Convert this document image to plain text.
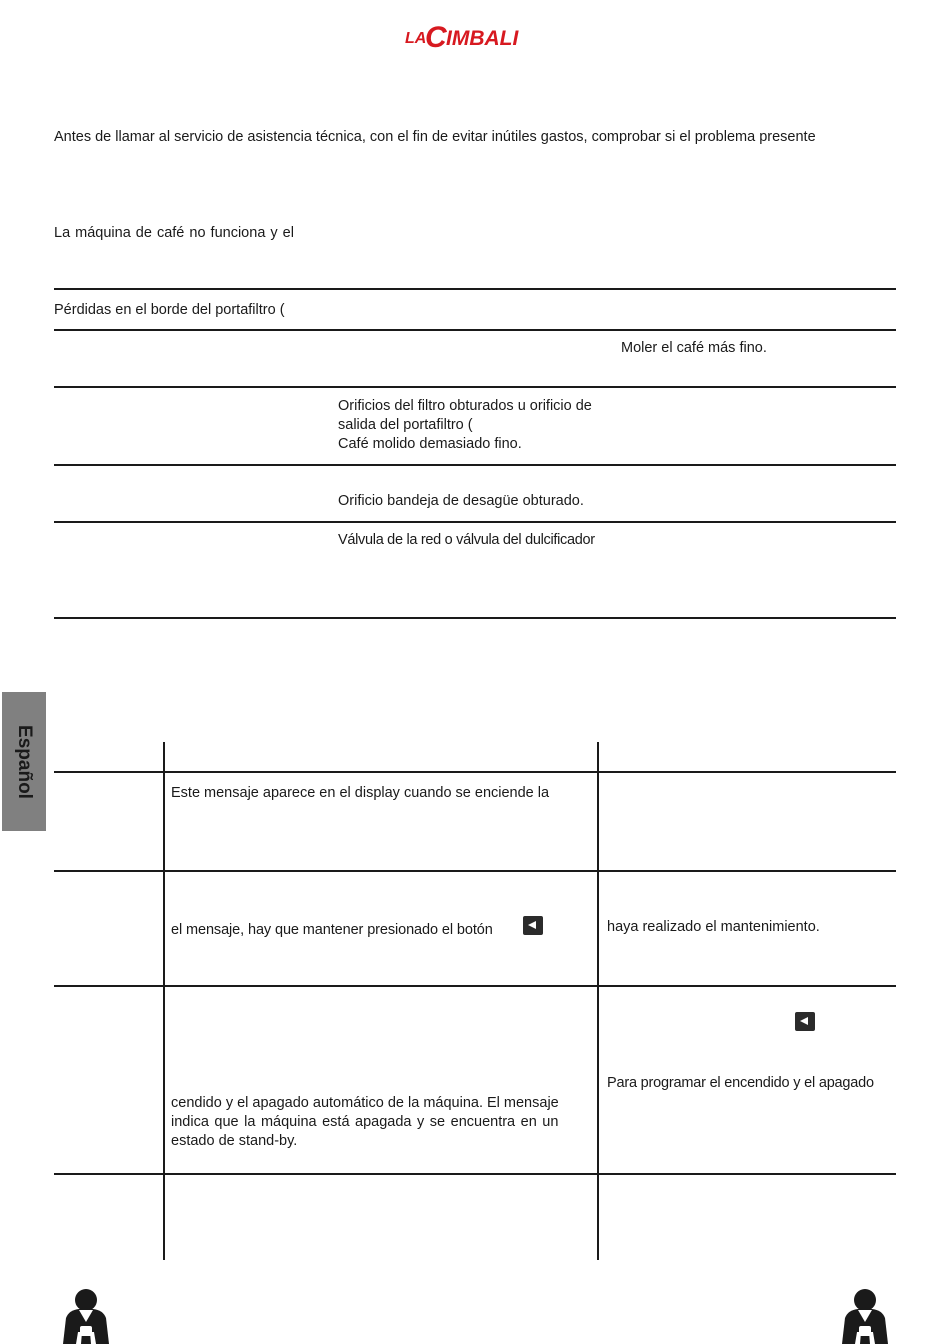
LA
C IMBALI
Antes de llamar al servicio de asistencia técnica, con el fin de evitar inútiles gastos, comprobar si el problema presente
La máquina de café no funciona y el
Pérdidas en el borde del portafiltro (
Moler el café más fino.
Orificios del filtro obturados u orificio de
salida del portafiltro (
Café molido demasiado fino.
Orificio bandeja de desagüe obturado.
Válvula de la red o válvula del dulcificador
Español	Este mensaje aparece en el display cuando se enciende la
el mensaje, hay que mantener presionado el botón	haya realizado el mantenimiento.
Para programar el encendido y el apagado
cendido y el apagado automático de la máquina. El mensaje
indica que la máquina está apagada y se encuentra en un
estado de stand-by.
